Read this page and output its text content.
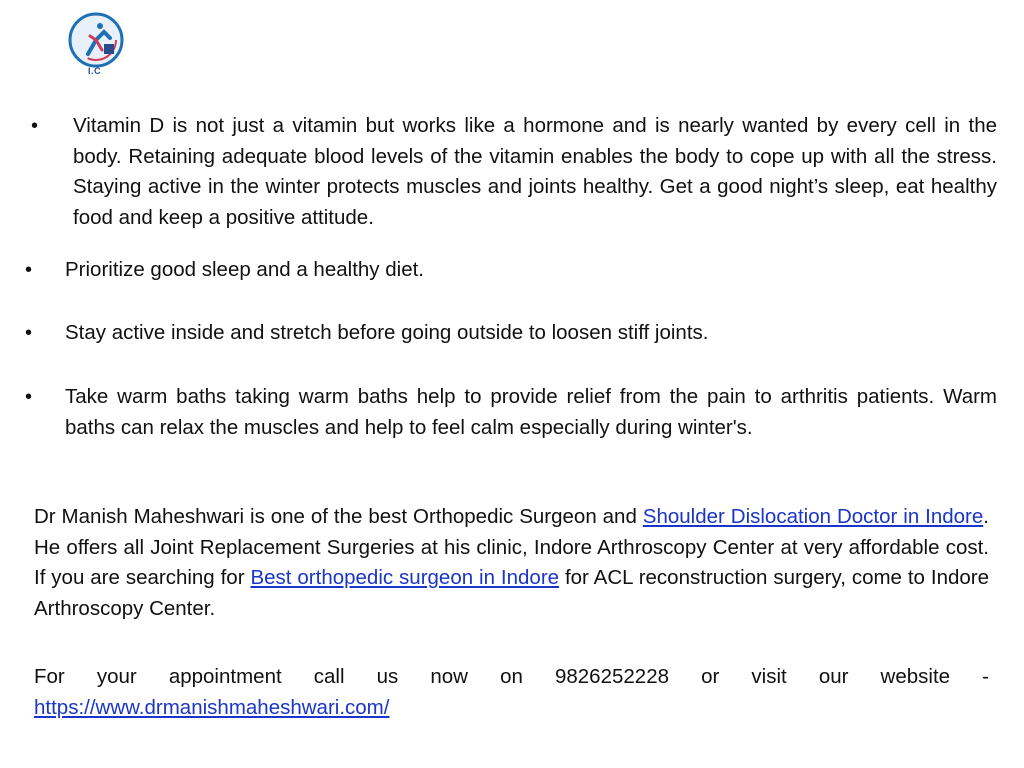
I.C
• Vitamin D is not just a vitamin but works like a hormone and is nearly wanted by every cell in the body. Retaining adequate blood levels of the vitamin enables the body to cope up with all the stress. Staying active in the winter protects muscles and joints healthy. Get a good night’s sleep, eat healthy food and keep a positive attitude.
• Prioritize good sleep and a healthy diet.
• Stay active inside and stretch before going outside to loosen stiff joints.
• Take warm baths taking warm baths help to provide relief from the pain to arthritis patients. Warm baths can relax the muscles and help to feel calm especially during winter's.
Dr Manish Maheshwari is one of the best Orthopedic Surgeon and Shoulder Dislocation Doctor in Indore. He offers all Joint Replacement Surgeries at his clinic, Indore Arthroscopy Center at very affordable cost. If you are searching for Best orthopedic surgeon in Indore for ACL reconstruction surgery, come to Indore Arthroscopy Center.
For your appointment call us now on 9826252228 or visit our website - https://www.drmanishmaheshwari.com/
